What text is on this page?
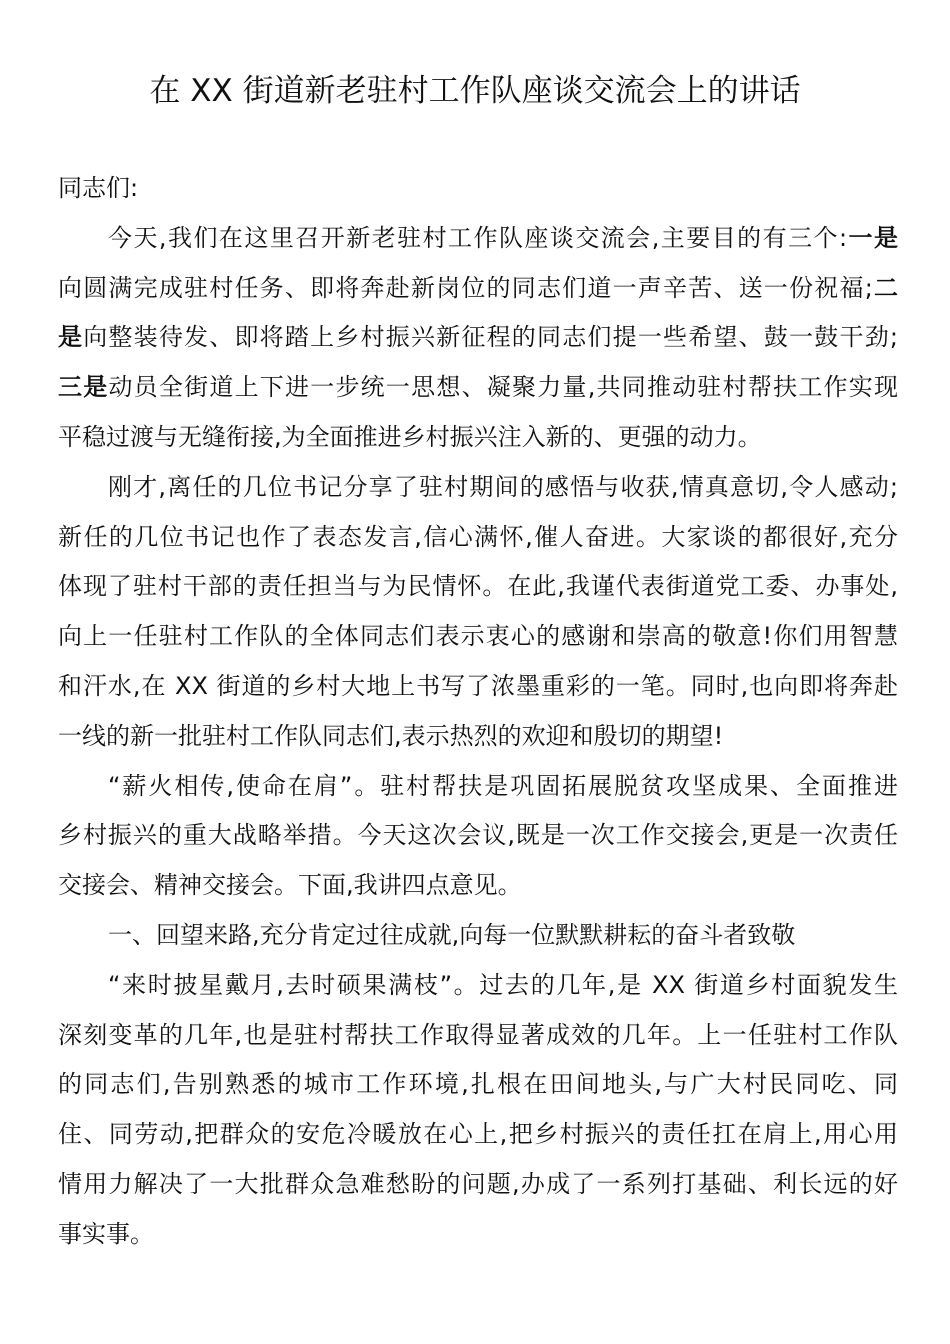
在 XX 街道新老驻村工作队座谈交流会上的讲话
同志们:
今天,我们在这里召开新老驻村工作队座谈交流会,主要目的有三个:一是
向圆满完成驻村任务、即将奔赴新岗位的同志们道一声辛苦、送一份祝福;二
是向整装待发、即将踏上乡村振兴新征程的同志们提一些希望、鼓一鼓干劲;
三是动员全街道上下进一步统一思想、凝聚力量,共同推动驻村帮扶工作实现
平稳过渡与无缝衔接,为全面推进乡村振兴注入新的、更强的动力。
刚才,离任的几位书记分享了驻村期间的感悟与收获,情真意切,令人感动;
新任的几位书记也作了表态发言,信心满怀,催人奋进。大家谈的都很好,充分
体现了驻村干部的责任担当与为民情怀。在此,我谨代表街道党工委、办事处,
向上一任驻村工作队的全体同志们表示衷心的感谢和崇高的敬意!你们用智慧
和汗水,在 XX 街道的乡村大地上书写了浓墨重彩的一笔。同时,也向即将奔赴
一线的新一批驻村工作队同志们,表示热烈的欢迎和殷切的期望!
“薪火相传,使命在肩”。驻村帮扶是巩固拓展脱贫攻坚成果、全面推进
乡村振兴的重大战略举措。今天这次会议,既是一次工作交接会,更是一次责任
交接会、精神交接会。下面,我讲四点意见。
一、回望来路,充分肯定过往成就,向每一位默默耕耘的奋斗者致敬
“来时披星戴月,去时硕果满枝”。过去的几年,是 XX 街道乡村面貌发生
深刻变革的几年,也是驻村帮扶工作取得显著成效的几年。上一任驻村工作队
的同志们,告别熟悉的城市工作环境,扎根在田间地头,与广大村民同吃、同
住、同劳动,把群众的安危冷暖放在心上,把乡村振兴的责任扛在肩上,用心用
情用力解决了一大批群众急难愁盼的问题,办成了一系列打基础、利长远的好
事实事。
